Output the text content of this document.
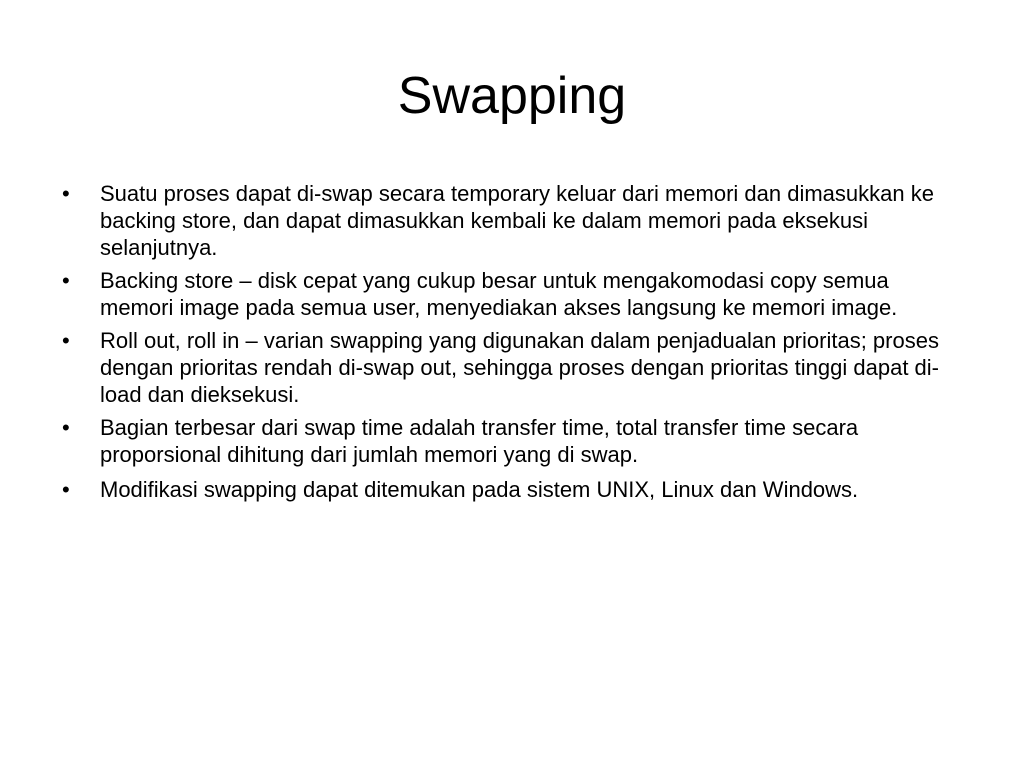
Swapping
•	Suatu proses dapat di-swap secara temporary keluar dari memori dan dimasukkan ke backing store, dan dapat dimasukkan kembali ke dalam memori pada eksekusi selanjutnya.
•	Backing store – disk cepat yang cukup besar untuk mengakomodasi copy semua memori image pada semua user, menyediakan akses langsung ke memori image.
•	Roll out, roll in – varian swapping yang digunakan dalam penjadualan prioritas; proses dengan prioritas rendah di-swap out, sehingga proses dengan prioritas tinggi dapat di-load dan dieksekusi.
•	Bagian terbesar dari swap time adalah transfer time, total transfer time secara proporsional dihitung dari jumlah memori yang di swap.
•	Modifikasi swapping dapat ditemukan pada sistem UNIX, Linux dan Windows.
